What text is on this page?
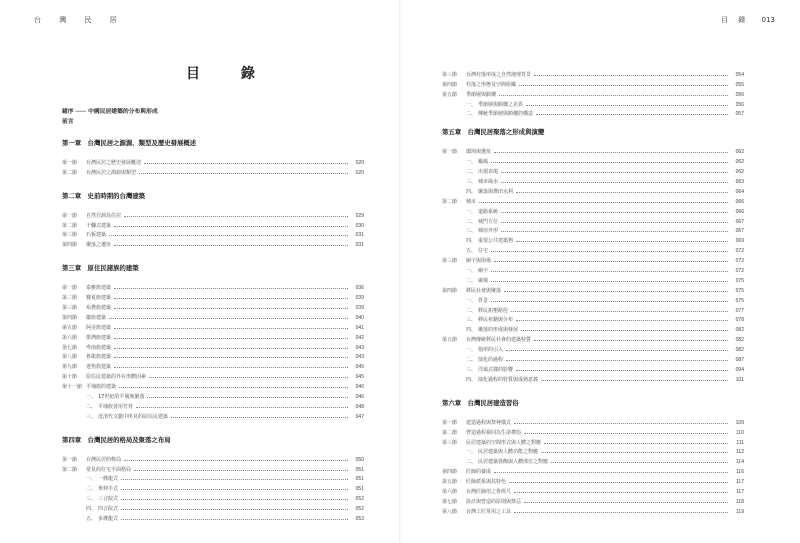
台 灣 民 居	目 錄 013
目 錄
緒序 ─── 中國民居建築的分布與形成
前言
第一章　台灣民居之源源、類型及歷史發展概述
第一節	台灣民居之歷史發展概述	020
第二節	台灣民居之淵源與類型	020
第二章　史前時期的台灣建築
第一節	自然岩洞為住居	029
第二節	干欄式建築	030
第三節	石板建築	031
第四節	聚落之遺址	031
第三章　原住民諸族的建築
第一節	泰雅族建築	036
第二節	賽夏族建築	039
第三節	布農族建築	039
第四節	鄒族建築	040
第五節	阿美族建築	041
第六節	排灣族建築	042
第七節	卑南族建築	043
第八節	魯凱族建築	043
第九節	達悟族建築	045
第十節	原住民建築的外在形體因素	045
第十一節 平埔族的建築	046
一、 17世紀的平埔族聚落	046
二、 平埔族善用竹材	048
三、 近清代文獻中所見的原住民建築	047
第四章　台灣民居的格局及聚落之布局
第一節	台灣民居的格局	050
第二節	常見的住宅平面格局	051
一、 一條龍式	051
二、 單伸手式	051
三、 三合院式	052
四、 四合院式	052
五、 多護龍式	053
第三節	台灣村落形成之自然地理背景	054
第四節	村落之形態及空間組織	055
第五節	季節層與騎樓	056
一、 季節層與騎樓之差異	056
二、 傳統季節層與騎樓的構造	057
第五章　台灣民居聚落之形成與演變
第一節	環境與選址	062
一、 颱風	062
二、 出現表現	062
三、 城市風水	063
四、 聚落與農田水利	064
第二節	城市	066
一、 道路系統	066
二、 城門方位	067
三、 城垣外形	067
四、 重要公共建築物	069
五、 住宅	072
第三節	廟宇與街場	072
一、 廟宇	072
二、 廣場	075
第四節	移民社會與聚落	075
一、 背景	075
二、 移民拓墾路徑	077
三、 移民祖籍與分布	078
四、 聚落的形成與發展	082
第五節	台灣傳統移民社會的建築特質	082
一、 指形的引入	082
二、 演化的過程	087
三、 洋風式樣的影響	094
四、 演化過程的特質與成熟意義	101
第六章　台灣民居建造習俗
第一節	建造過程與祭神儀式	109
第二節	營造過程視同為生命禮俗	110
第三節	民居建築的空間形式與人體之對應	111
一、 民居建築與人體功能之對應	112
二、 民居建築裝飾與人體部位之對應	114
第四節	匠師的養成	116
第五節	匠師派系與其特色	117
第六節	台灣匠師用之魯班尺	117
第七節	設計與營造的原則與禁忌	118
第八節	台灣工匠常用之工具	119
